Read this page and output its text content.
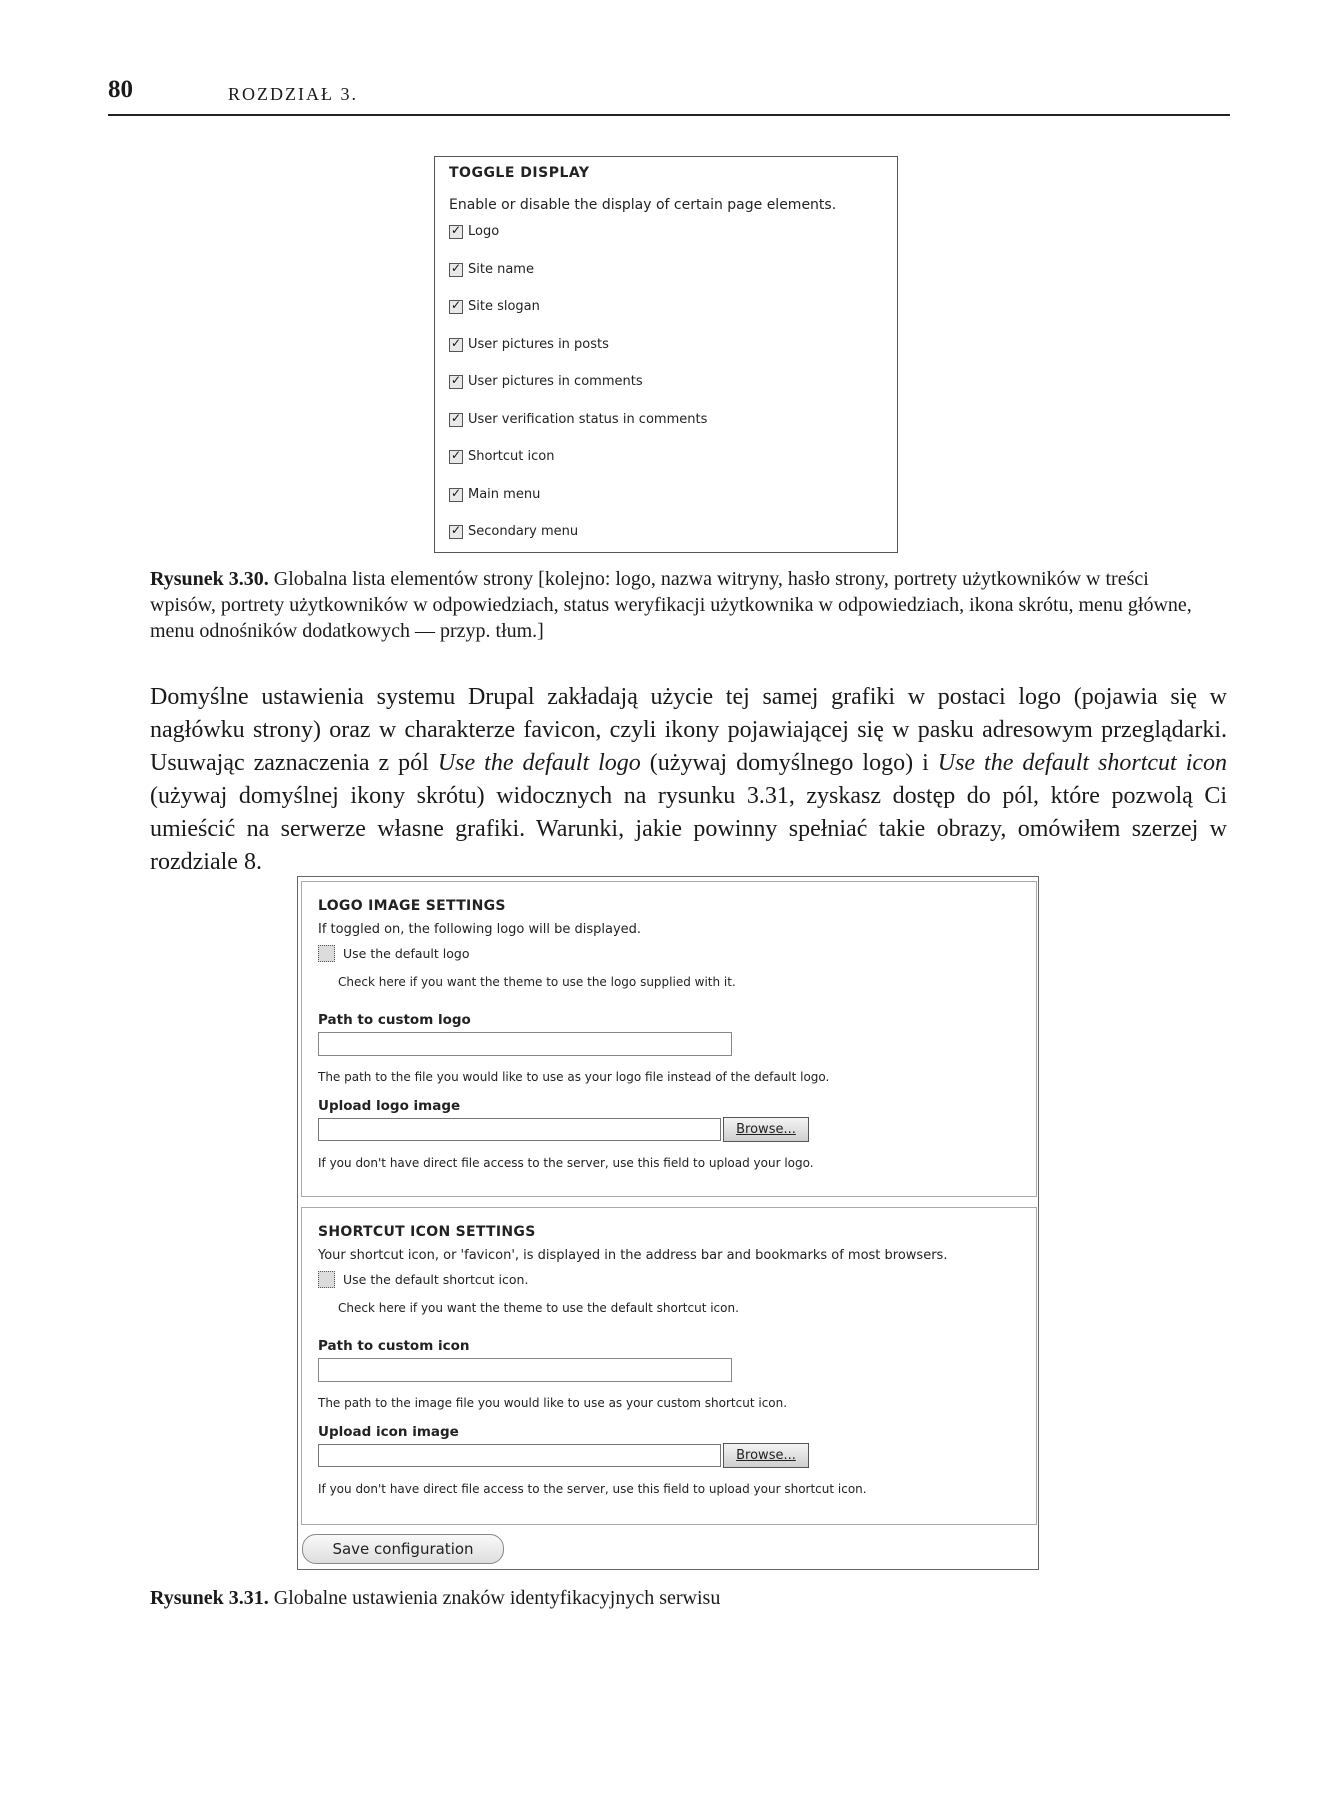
80	ROZDZIAŁ 3.
TOGGLE DISPLAY
Enable or disable the display of certain page elements.
✓
Logo
✓
Site name
✓
Site slogan
✓
User pictures in posts
✓
User pictures in comments
✓
User verification status in comments
✓
Shortcut icon
✓
Main menu
✓
Secondary menu
Rysunek 3.30. Globalna lista elementów strony [kolejno: logo, nazwa witryny, hasło strony, portrety użytkowników w treści wpisów, portrety użytkowników w odpowiedziach, status weryfikacji użytkownika w odpowiedziach, ikona skrótu, menu główne, menu odnośników dodatkowych — przyp. tłum.]

Domyślne ustawienia systemu Drupal zakładają użycie tej samej grafiki w postaci logo (pojawia się w nagłówku strony) oraz w charakterze favicon, czyli ikony pojawiającej się w pasku adresowym przeglądarki. Usuwając zaznaczenia z pól Use the default logo (używaj domyślnego logo) i Use the default shortcut icon (używaj domyślnej ikony skrótu) widocznych na rysunku 3.31, zyskasz dostęp do pól, które pozwolą Ci umieścić na serwerze własne grafiki. Warunki, jakie powinny spełniać takie obrazy, omówiłem szerzej w rozdziale 8.

LOGO IMAGE SETTINGS
If toggled on, the following logo will be displayed.
Use the default logo
Check here if you want the theme to use the logo supplied with it.
Path to custom logo
The path to the file you would like to use as your logo file instead of the default logo.
Upload logo image
Browse...
If you don't have direct file access to the server, use this field to upload your logo.
SHORTCUT ICON SETTINGS
Your shortcut icon, or 'favicon', is displayed in the address bar and bookmarks of most browsers.
Use the default shortcut icon.
Check here if you want the theme to use the default shortcut icon.
Path to custom icon
The path to the image file you would like to use as your custom shortcut icon.
Upload icon image
Browse...
If you don't have direct file access to the server, use this field to upload your shortcut icon.
Save configuration
Rysunek 3.31. Globalne ustawienia znaków identyfikacyjnych serwisu
